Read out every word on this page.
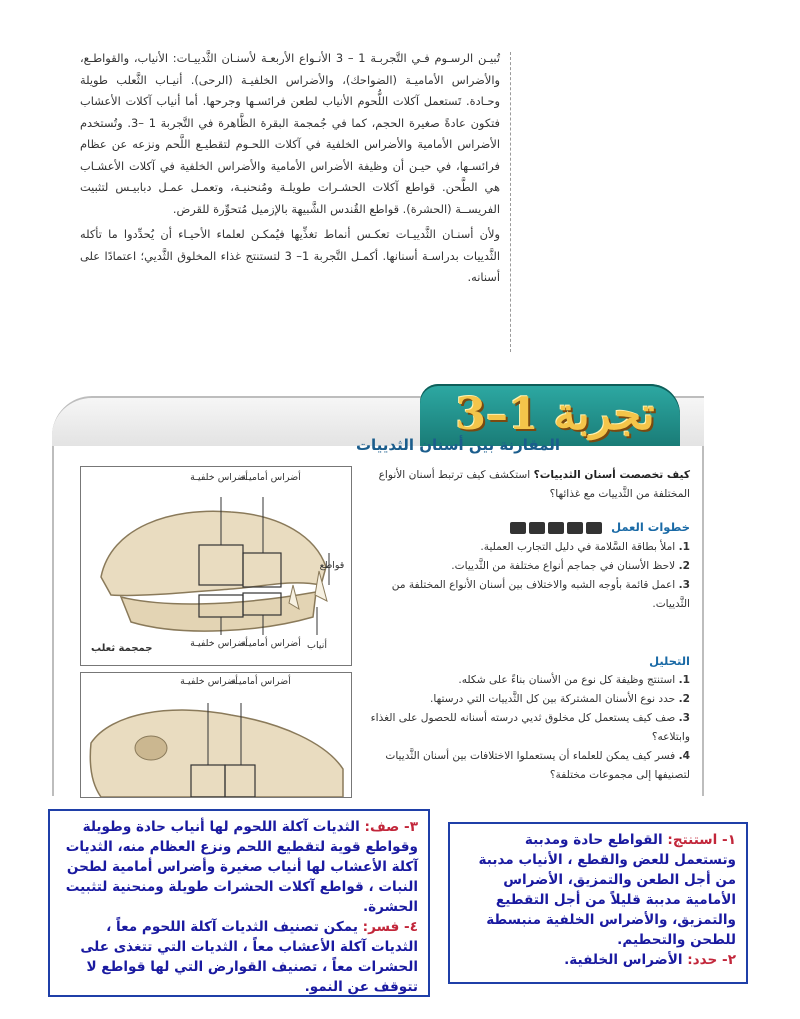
تُبيـن الرسـوم فـي التَّجربـة 1 – 3 الأنـواع الأربعـة لأسنـان الثَّدييـات: الأنياب، والقواطـع، والأضراس الأماميـة (الضواحك)، والأضراس الخلفيـة (الرحى). أنيـاب الثَّعلب طويلة وحـادة. تَستعمل آكلات اللُّحوم الأنياب لطعن فرائسـها وجرحها. أما أنياب آكلات الأعشاب فتكون عادةً صغيرة الحجم، كما في جُمجمة البقرة الظَّاهرة في التَّجربة 1 –3. وتُستخدم الأضراس الأمامية والأضراس الخلفية في آكلات اللحـوم لتقطيـع اللَّحم ونزعه عن عظام فرائسـها، في حيـن أن وظيفة الأضراس الأمامية والأضراس الخلفية في آكلات الأعشـاب هي الطَّحن. قواطع آكلات الحشـرات طويلـة ومُنحنيـة، وتعمـل عمـل دبابيـس لتثبيت الفريســة (الحشرة). قواطع القُندس الشَّبيهة بالإزميل مُتحوِّرة للقرض.

ولأن أسنـان الثَّدييـات تعكـس أنماط تغذِّيها فيُمكـن لعلماء الأحيـاء أن يُحدِّدوا ما تأكله الثَّدييات بدراسـة أسنانها. أكمـل التَّجربة 1– 3 لتستنتج غذاء المخلوق الثَّديي؛ اعتمادًا على أسنانه.

تجربة 1–3
المقارنة بين أسنان الثدييات
كيف تخصصت أسنان الثدييات؟ استكشف كيف ترتبط أسنان الأنواع المختلفة من الثَّدييات مع غذائها؟
خطوات العمل
1. املأ بطاقة السَّلامة في دليل التجارب العملية.
2. لاحظ الأسنان في جماجم أنواع مختلفة من الثَّدييات.
3. اعمل قائمة بأوجه الشبه والاختلاف بين أسنان الأنواع المختلفة من الثَّدييات.
التحليل
1. استنتج وظيفة كل نوع من الأسنان بناءً على شكله.
2. حدد نوع الأسنان المشتركة بين كل الثَّدييات التي درستها.
3. صف كيف يستعمل كل مخلوق ثديي درسته أسنانه للحصول على الغذاء وابتلاعه؟
4. فسر كيف يمكن للعلماء أن يستعملوا الاختلافات بين أسنان الثَّدييات لتصنيفها إلى مجموعات مختلفة؟
أضراس خلفيـة
أضراس أماميـة
قواطع
أضراس خلفيـة
أضراس أماميـة أنياب
جمجمة ثعلب
أضراس خلفيـة
أضراس أماميـة
٣- صف: الثديات آكلة اللحوم لها أنياب حادة وطويلة وقواطع قوية لتقطيع اللحم ونزع العظام منه، الثديات آكلة الأعشاب لها أنياب صغيرة وأضراس أمامية لطحن النبات ، قواطع آكلات الحشرات طويلة ومنحنية لتثبيت الحشرة.
٤- فسر: يمكن تصنيف الثديات آكلة اللحوم معاً ، الثديات آكلة الأعشاب معاً ، الثديات التي تتغذى على الحشرات معاً ، تصنيف القوارض التي لها قواطع لا تتوقف عن النمو.
١- استنتج: القواطع حادة ومدببة وتستعمل للعض والقطع ، الأنياب مدببة من أجل الطعن والتمزيق، الأضراس الأمامية مدببة قليلاً من أجل التقطيع والتمزيق، والأضراس الخلفية منبسطة للطحن والتحطيم.
٢- حدد: الأضراس الخلفية.
